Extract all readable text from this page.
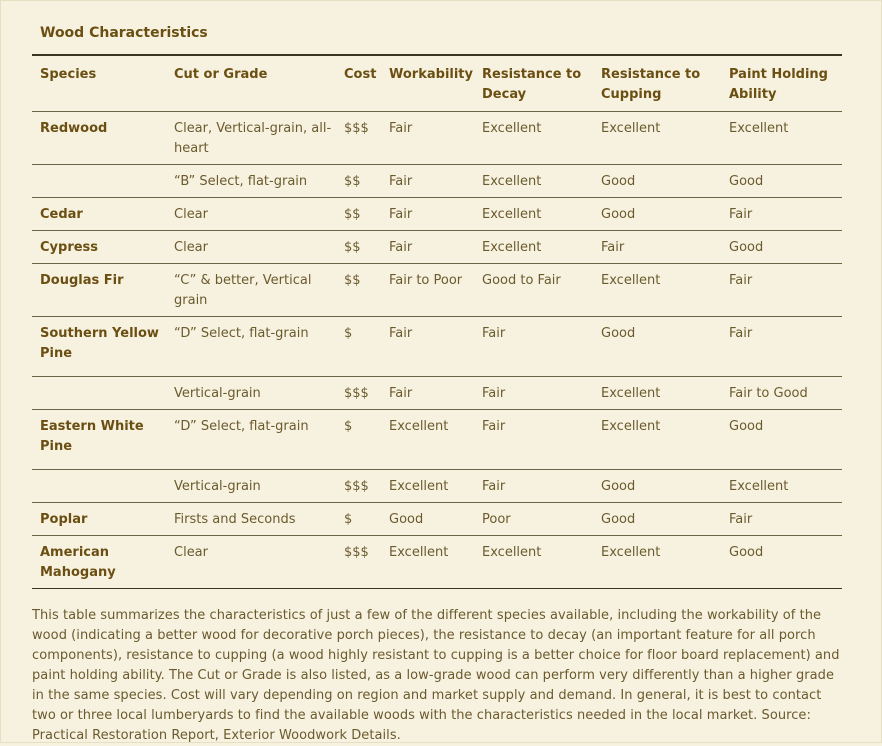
Wood Characteristics
Species	Cut or Grade	Cost	Workability	Resistance to Decay	Resistance to Cupping	Paint Holding Ability
Redwood	Clear, Vertical-grain, all-heart	$$$	Fair	Excellent	Excellent	Excellent
	“B” Select, flat-grain	$$	Fair	Excellent	Good	Good
Cedar	Clear	$$	Fair	Excellent	Good	Fair
Cypress	Clear	$$	Fair	Excellent	Fair	Good
Douglas Fir	“C” & better, Vertical grain	$$	Fair to Poor	Good to Fair	Excellent	Fair
Southern Yellow Pine	“D” Select, flat-grain	$	Fair	Fair	Good	Fair
	Vertical-grain	$$$	Fair	Fair	Excellent	Fair to Good
Eastern White Pine	“D” Select, flat-grain	$	Excellent	Fair	Excellent	Good
	Vertical-grain	$$$	Excellent	Fair	Good	Excellent
Poplar	Firsts and Seconds	$	Good	Poor	Good	Fair
American Mahogany	Clear	$$$	Excellent	Excellent	Excellent	Good

This table summarizes the characteristics of just a few of the different species available, including the workability of the wood (indicating a better wood for decorative porch pieces), the resistance to decay (an important feature for all porch components), resistance to cupping (a wood highly resistant to cupping is a better choice for floor board replacement) and paint holding ability. The Cut or Grade is also listed, as a low-grade wood can perform very differently than a higher grade in the same species. Cost will vary depending on region and market supply and demand. In general, it is best to contact two or three local lumberyards to find the available woods with the characteristics needed in the local market. Source: Practical Restoration Report, Exterior Woodwork Details.
